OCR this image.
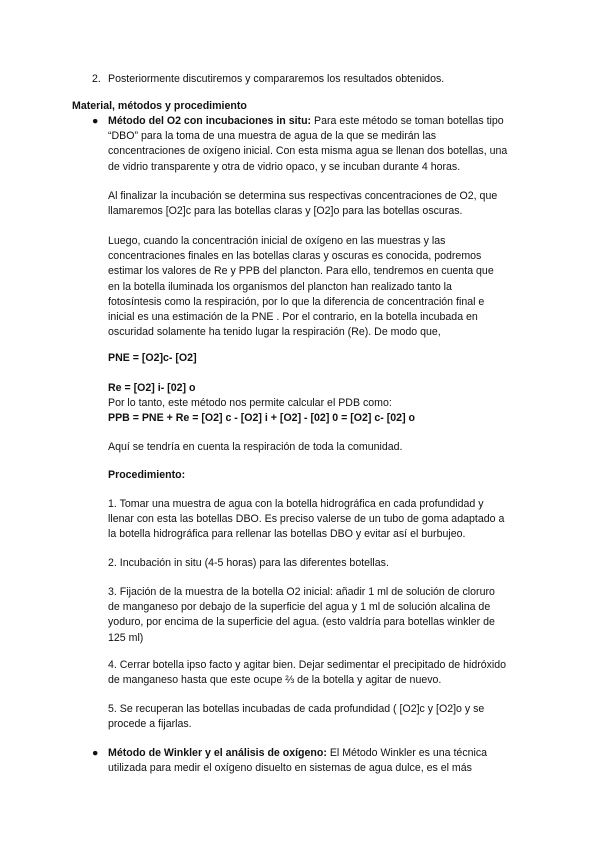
2. Posteriormente discutiremos y compararemos los resultados obtenidos.
Material, métodos y procedimiento
● Método del O2 con incubaciones in situ: Para este método se toman botellas tipo

“DBO” para la toma de una muestra de agua de la que se medirán las

concentraciones de oxígeno inicial. Con esta misma agua se llenan dos botellas, una

de vidrio transparente y otra de vidrio opaco, y se incuban durante 4 horas.

Al finalizar la incubación se determina sus respectivas concentraciones de O2, que

llamaremos [O2]c para las botellas claras y [O2]o para las botellas oscuras.

Luego, cuando la concentración inicial de oxígeno en las muestras y las

concentraciones finales en las botellas claras y oscuras es conocida, podremos

estimar los valores de Re y PPB del plancton. Para ello, tendremos en cuenta que

en la botella iluminada los organismos del plancton han realizado tanto la

fotosíntesis como la respiración, por lo que la diferencia de concentración final e

inicial es una estimación de la PNE . Por el contrario, en la botella incubada en

oscuridad solamente ha tenido lugar la respiración (Re). De modo que,

PNE = [O2]c- [O2]

Re = [O2] i- [02] o

Por lo tanto, este método nos permite calcular el PDB como:

PPB = PNE + Re = [O2] c - [O2] i + [O2] - [02] 0 = [O2] c- [02] o

Aquí se tendría en cuenta la respiración de toda la comunidad.
Procedimiento:

1. Tomar una muestra de agua con la botella hidrográfica en cada profundidad y

llenar con esta las botellas DBO. Es preciso valerse de un tubo de goma adaptado a

la botella hidrográfica para rellenar las botellas DBO y evitar así el burbujeo.

2. Incubación in situ (4-5 horas) para las diferentes botellas.

3. Fijación de la muestra de la botella O2 inicial: añadir 1 ml de solución de cloruro

de manganeso por debajo de la superficie del agua y 1 ml de solución alcalina de

yoduro, por encima de la superficie del agua. (esto valdría para botellas winkler de

125 ml)

4. Cerrar botella ipso facto y agitar bien. Dejar sedimentar el precipitado de hidróxido

de manganeso hasta que este ocupe ⅔ de la botella y agitar de nuevo.

5. Se recuperan las botellas incubadas de cada profundidad ( [O2]c y [O2]o y se

procede a fijarlas.

● Método de Winkler y el análisis de oxígeno: El Método Winkler es una técnica

utilizada para medir el oxígeno disuelto en sistemas de agua dulce, es el más
